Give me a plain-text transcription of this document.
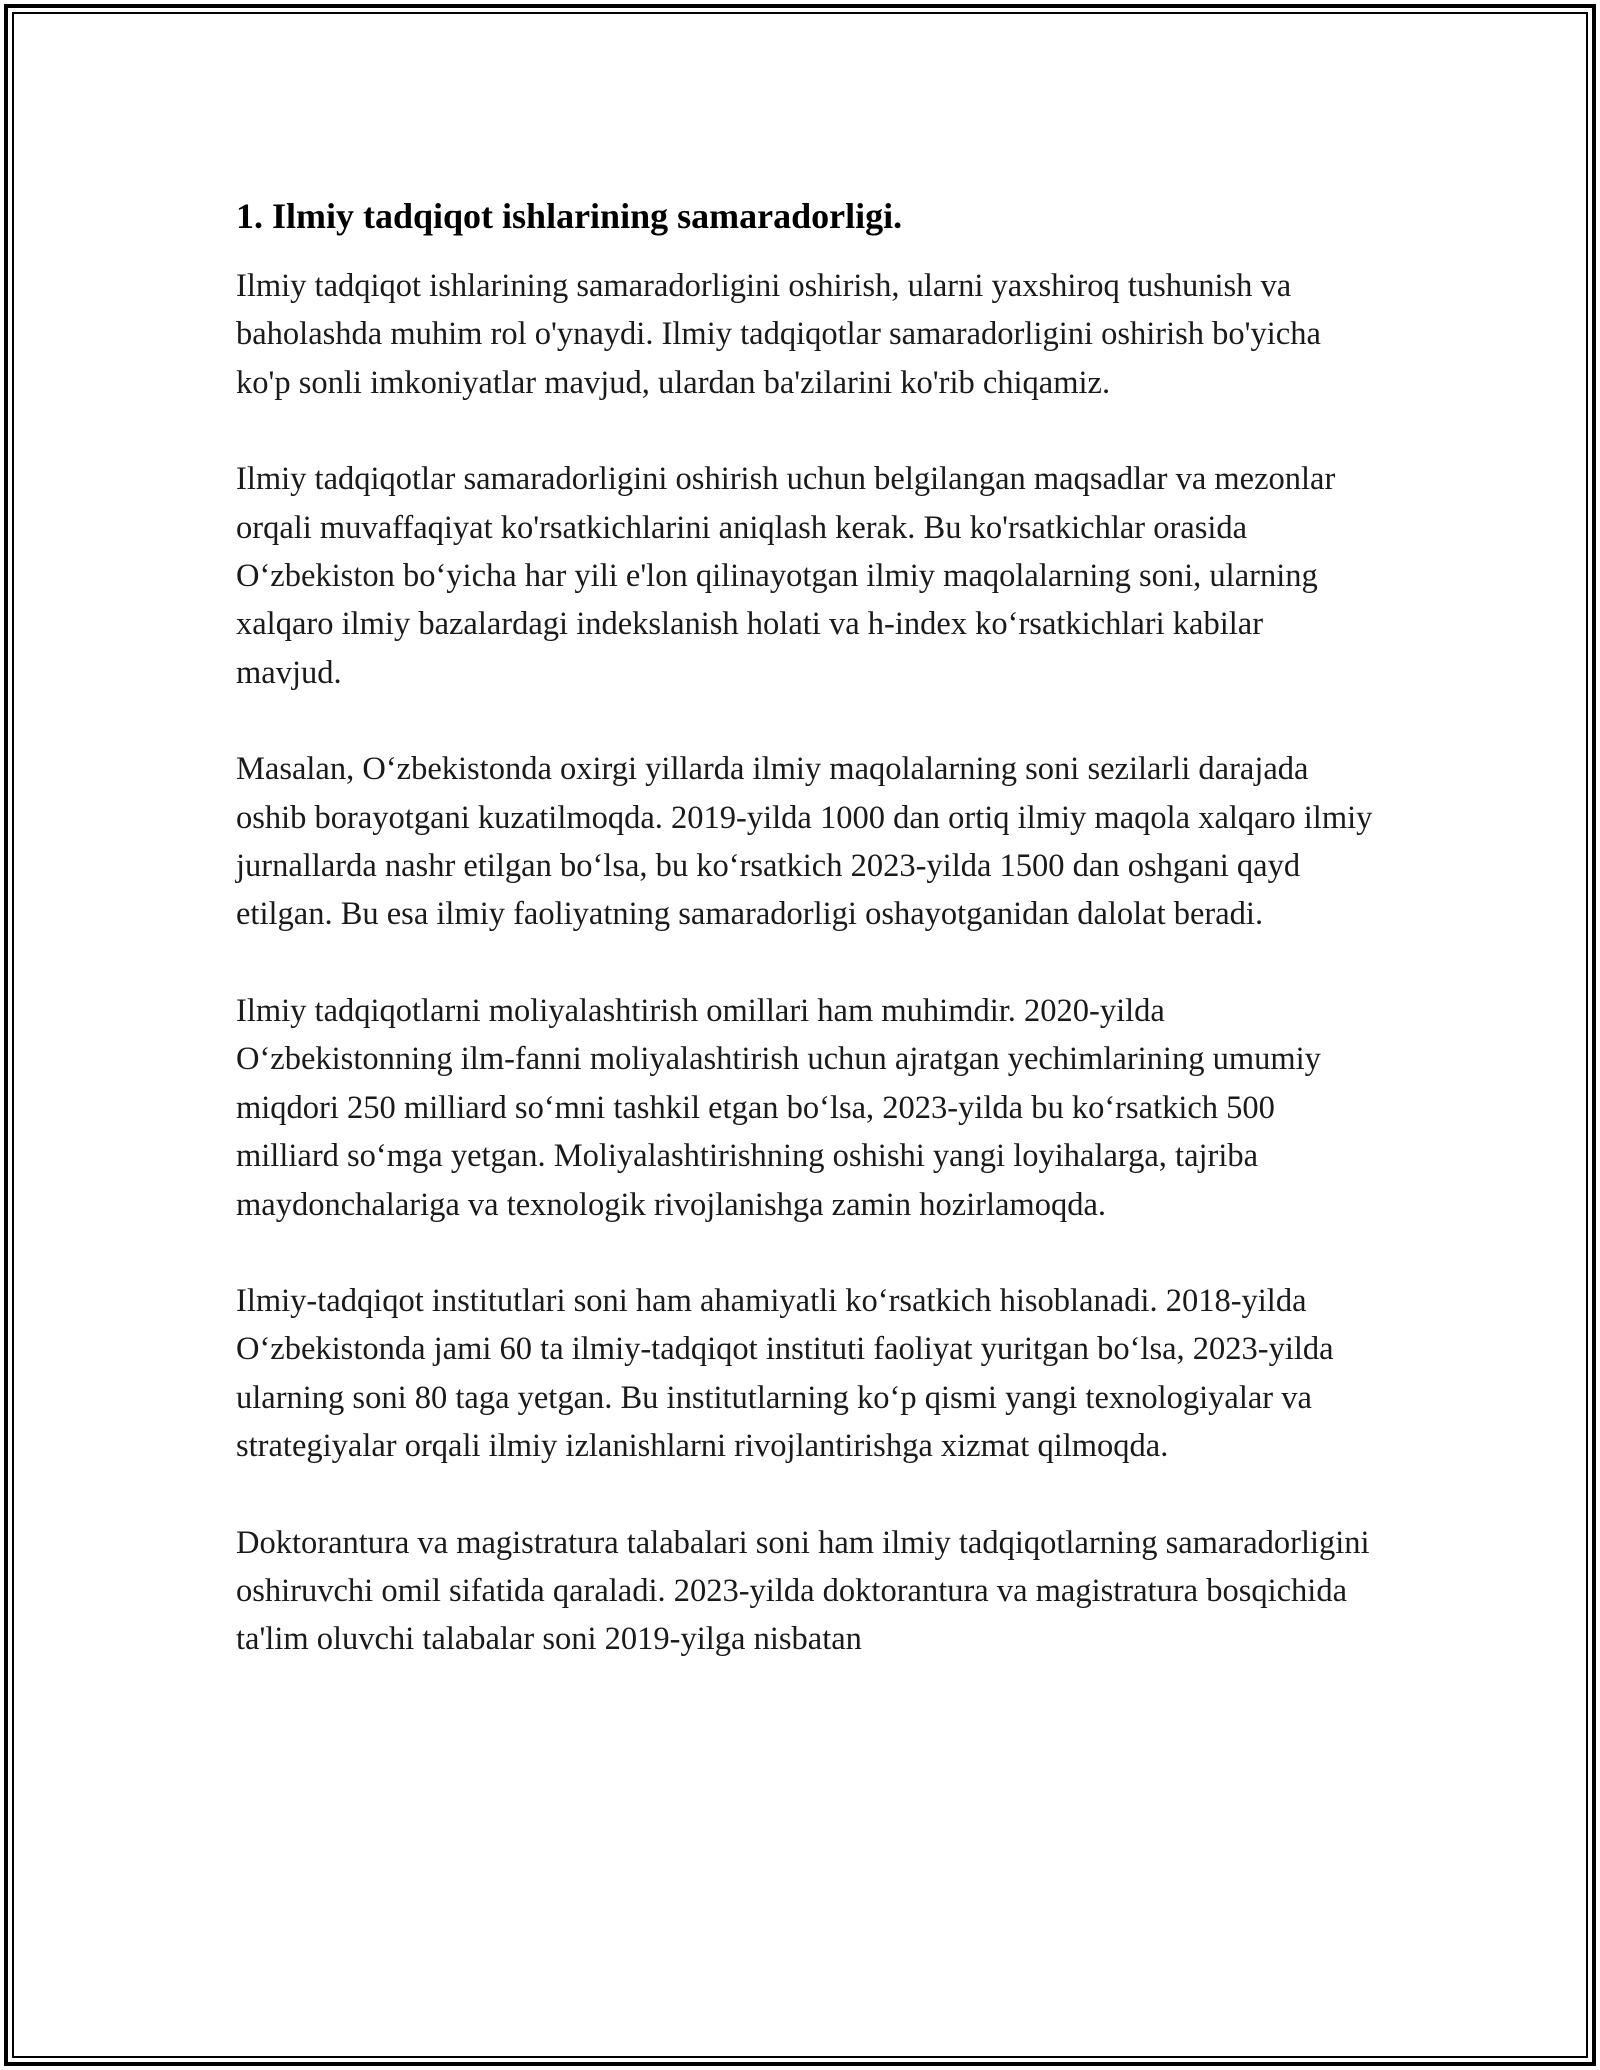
1. Ilmiy tadqiqot ishlarining samaradorligi.

Ilmiy tadqiqot ishlarining samaradorligini oshirish, ularni yaxshiroq tushunish va baholashda muhim rol o'ynaydi. Ilmiy tadqiqotlar samaradorligini oshirish bo'yicha ko'p sonli imkoniyatlar mavjud, ulardan ba'zilarini ko'rib chiqamiz.

Ilmiy tadqiqotlar samaradorligini oshirish uchun belgilangan maqsadlar va mezonlar orqali muvaffaqiyat ko'rsatkichlarini aniqlash kerak. Bu ko'rsatkichlar orasida O‘zbekiston bo‘yicha har yili e'lon qilinayotgan ilmiy maqolalarning soni, ularning xalqaro ilmiy bazalardagi indekslanish holati va h-index ko‘rsatkichlari kabilar mavjud.

Masalan, O‘zbekistonda oxirgi yillarda ilmiy maqolalarning soni sezilarli darajada oshib borayotgani kuzatilmoqda. 2019-yilda 1000 dan ortiq ilmiy maqola xalqaro ilmiy jurnallarda nashr etilgan bo‘lsa, bu ko‘rsatkich 2023-yilda 1500 dan oshgani qayd etilgan. Bu esa ilmiy faoliyatning samaradorligi oshayotganidan dalolat beradi.

Ilmiy tadqiqotlarni moliyalashtirish omillari ham muhimdir. 2020-yilda O‘zbekistonning ilm-fanni moliyalashtirish uchun ajratgan yechimlarining umumiy miqdori 250 milliard so‘mni tashkil etgan bo‘lsa, 2023-yilda bu ko‘rsatkich 500 milliard so‘mga yetgan. Moliyalashtirishning oshishi yangi loyihalarga, tajriba maydonchalariga va texnologik rivojlanishga zamin hozirlamoqda.

Ilmiy-tadqiqot institutlari soni ham ahamiyatli ko‘rsatkich hisoblanadi. 2018-yilda O‘zbekistonda jami 60 ta ilmiy-tadqiqot instituti faoliyat yuritgan bo‘lsa, 2023-yilda ularning soni 80 taga yetgan. Bu institutlarning ko‘p qismi yangi texnologiyalar va strategiyalar orqali ilmiy izlanishlarni rivojlantirishga xizmat qilmoqda.

Doktorantura va magistratura talabalari soni ham ilmiy tadqiqotlarning samaradorligini oshiruvchi omil sifatida qaraladi. 2023-yilda doktorantura va magistratura bosqichida ta'lim oluvchi talabalar soni 2019-yilga nisbatan
